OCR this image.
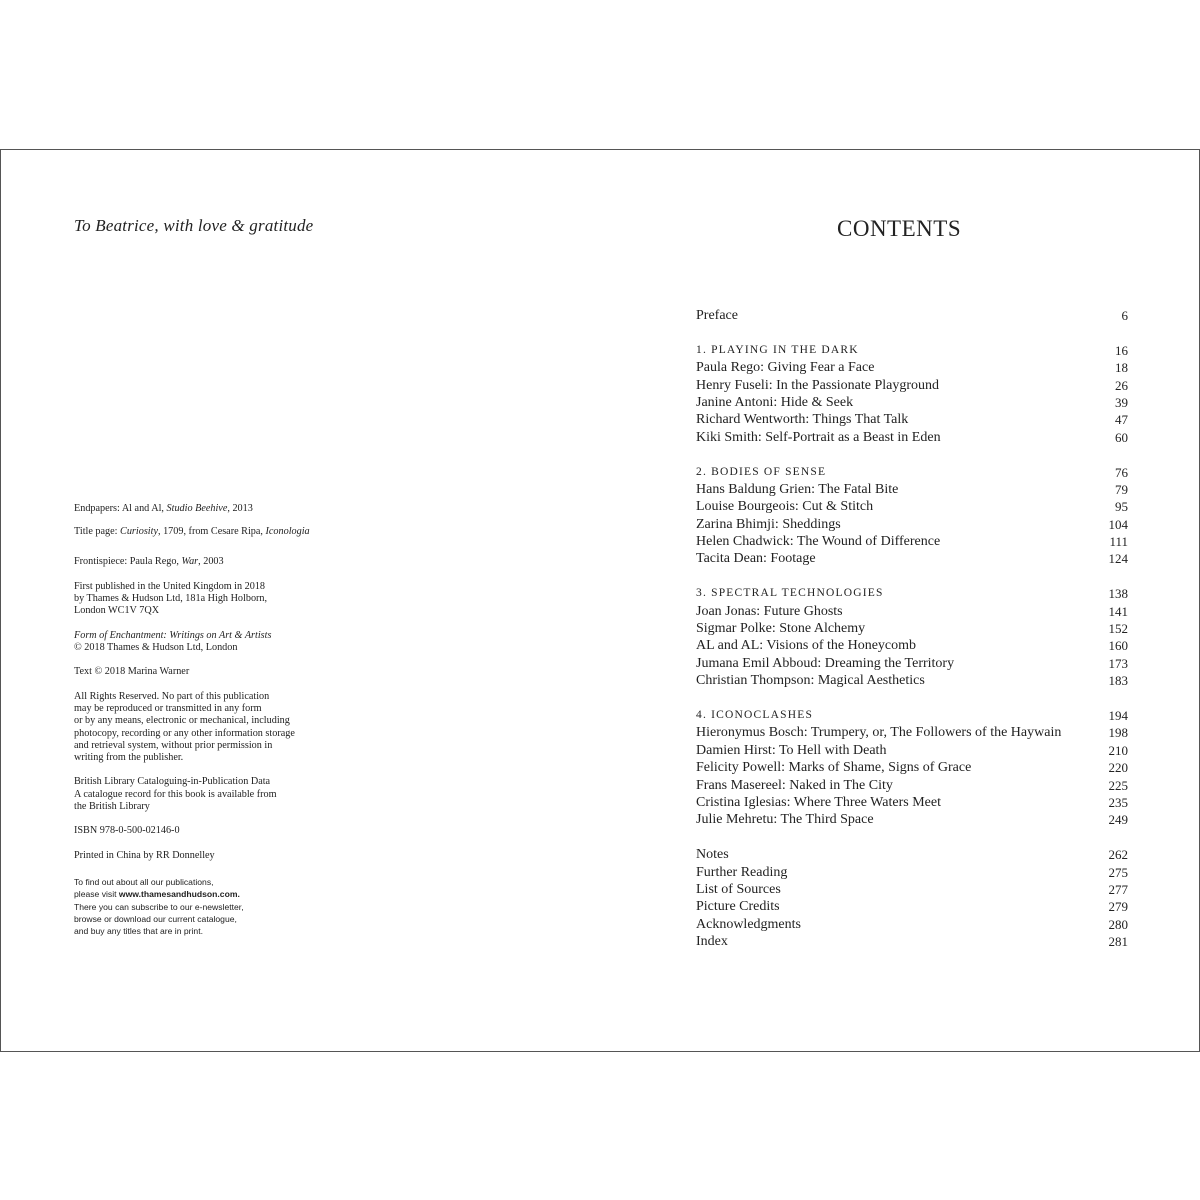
To Beatrice, with love & gratitude

Endpapers: Al and Al, Studio Beehive, 2013

Title page: Curiosity, 1709, from Cesare Ripa, Iconologia

Frontispiece: Paula Rego, War, 2003

First published in the United Kingdom in 2018

by Thames & Hudson Ltd, 181a High Holborn,

London WC1V 7QX

Form of Enchantment: Writings on Art & Artists

© 2018 Thames & Hudson Ltd, London

Text © 2018 Marina Warner

All Rights Reserved. No part of this publication

may be reproduced or transmitted in any form

or by any means, electronic or mechanical, including

photocopy, recording or any other information storage

and retrieval system, without prior permission in

writing from the publisher.

British Library Cataloguing-in-Publication Data

A catalogue record for this book is available from

the British Library

ISBN 978-0-500-02146-0

Printed in China by RR Donnelley

To find out about all our publications,

please visit www.thamesandhudson.com.

There you can subscribe to our e-newsletter,

browse or download our current catalogue,

and buy any titles that are in print.

CONTENTS
Preface	6
1. PLAYING IN THE DARK	16
Paula Rego: Giving Fear a Face	18
Henry Fuseli: In the Passionate Playground	26
Janine Antoni: Hide & Seek	39
Richard Wentworth: Things That Talk	47
Kiki Smith: Self-Portrait as a Beast in Eden	60
2. BODIES OF SENSE	76
Hans Baldung Grien: The Fatal Bite	79
Louise Bourgeois: Cut & Stitch	95
Zarina Bhimji: Sheddings	104
Helen Chadwick: The Wound of Difference	111
Tacita Dean: Footage	124
3. SPECTRAL TECHNOLOGIES	138
Joan Jonas: Future Ghosts	141
Sigmar Polke: Stone Alchemy	152
AL and AL: Visions of the Honeycomb	160
Jumana Emil Abboud: Dreaming the Territory	173
Christian Thompson: Magical Aesthetics	183
4. ICONOCLASHES	194
Hieronymus Bosch: Trumpery, or, The Followers of the Haywain	198
Damien Hirst: To Hell with Death	210
Felicity Powell: Marks of Shame, Signs of Grace	220
Frans Masereel: Naked in The City	225
Cristina Iglesias: Where Three Waters Meet	235
Julie Mehretu: The Third Space	249
Notes	262
Further Reading	275
List of Sources	277
Picture Credits	279
Acknowledgments	280
Index	281
